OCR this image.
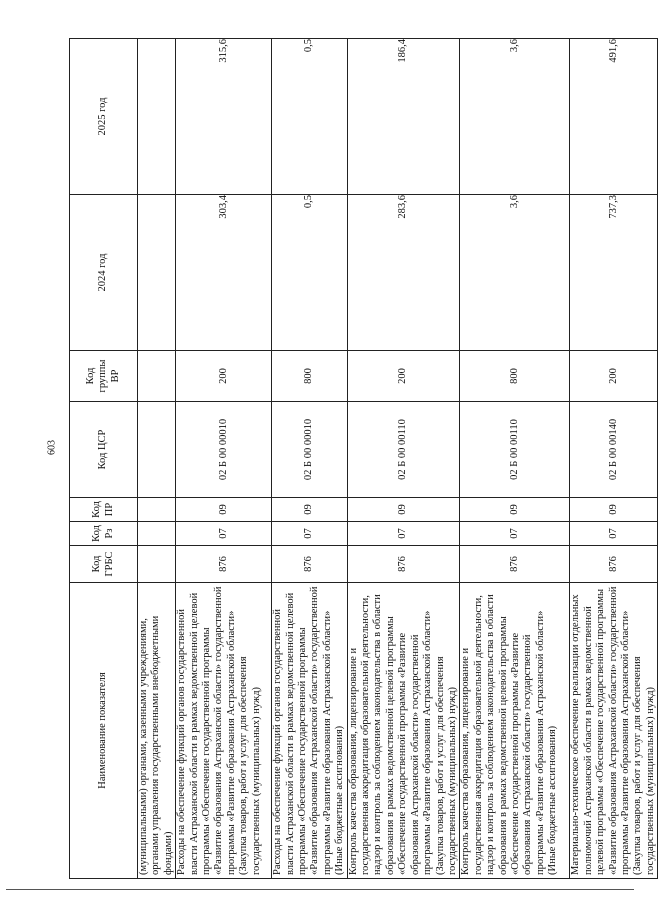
603
Наименование показателя	Код ГРБС	Код Рз	Код ПР	Код ЦСР	Код группы ВР	2024 год	2025 год
(муниципальными) органами, казенными учреждениями, органами управления государственными внебюджетными фондами)							
Расходы на обеспечение функций органов государственной власти Астраханской области в рамках ведомственной целевой программы «Обеспечение государственной программы «Развитие образования Астраханской области» государственной программы «Развитие образования Астраханской области» (Закупка товаров, работ и услуг для обеспечения государственных (муниципальных) нужд)	876	07	09	02 Б 00 00010	200	303,4	315,6
Расходы на обеспечение функций органов государственной власти Астраханской области в рамках ведомственной целевой программы «Обеспечение государственной программы «Развитие образования Астраханской области» государственной программы «Развитие образования Астраханской области» (Иные бюджетные ассигнования)	876	07	09	02 Б 00 00010	800	0,5	0,5
Контроль качества образования, лицензирование и государственная аккредитация образовательной деятельности, надзор и контроль за соблюдением законодательства в области образования в рамках ведомственной целевой программы «Обеспечение государственной программы «Развитие образования Астраханской области» государственной программы «Развитие образования Астраханской области» (Закупка товаров, работ и услуг для обеспечения государственных (муниципальных) нужд)	876	07	09	02 Б 00 00110	200	283,6	186,4
Контроль качества образования, лицензирование и государственная аккредитация образовательной деятельности, надзор и контроль за соблюдением законодательства в области образования в рамках ведомственной целевой программы «Обеспечение государственной программы «Развитие образования Астраханской области» государственной программы «Развитие образования Астраханской области» (Иные бюджетные ассигнования)	876	07	09	02 Б 00 00110	800	3,6	3,6
Материально-техническое обеспечение реализации отдельных полномочий Астраханской области в рамках ведомственной целевой программы «Обеспечение государственной программы «Развитие образования Астраханской области» государственной программы «Развитие образования Астраханской области» (Закупка товаров, работ и услуг для обеспечения государственных (муниципальных) нужд)	876	07	09	02 Б 00 00140	200	737,3	491,6
